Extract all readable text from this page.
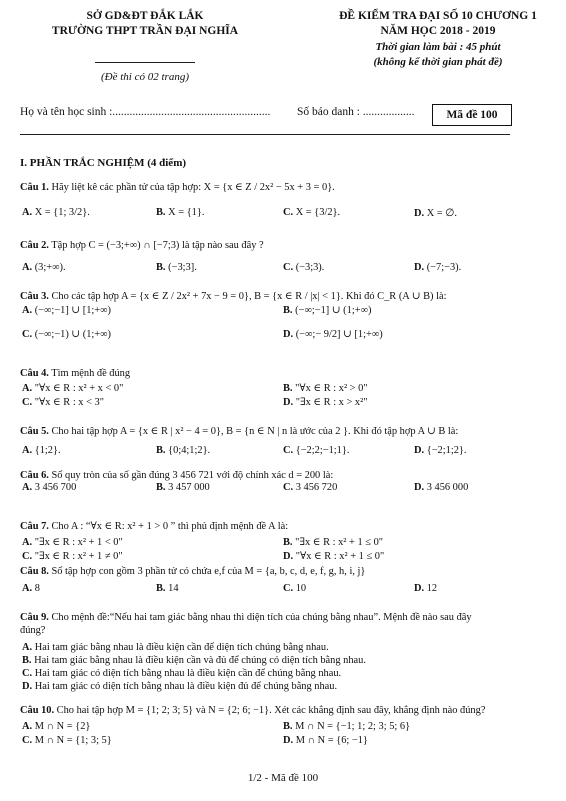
SỞ GD&ĐT ĐẮK LẮK
TRƯỜNG THPT TRẦN ĐẠI NGHĨA
(Đề thi có 02 trang)
ĐỀ KIỂM TRA ĐẠI SỐ 10 CHƯƠNG 1
NĂM HỌC 2018 - 2019
Thời gian làm bài : 45 phút
(không kể thời gian phát đề)
Họ và tên học sinh :....................................................... Số báo danh : ..................	Mã đề 100
I. PHẦN TRẮC NGHIỆM (4 điểm)
Câu 1. Hãy liệt kê các phần tử của tập hợp: X = {x ∈ Z / 2x² − 5x + 3 = 0}.
A. X = {1; 3/2}.	B. X = {1}.	C. X = {3/2}.	D. X = ∅.
Câu 2. Tập hợp C = (−3;+∞) ∩ [−7;3) là tập nào sau đây ?
A. (3;+∞).	B. (−3;3].	C. (−3;3).	D. (−7;−3).
Câu 3. Cho các tập hợp A = {x ∈ Z / 2x² + 7x − 9 = 0}, B = {x ∈ R / |x| < 1}. Khi đó C_R (A ∪ B) là:
A. (−∞;−1] ∪ [1;+∞)	B. (−∞;−1] ∪ (1;+∞)
C. (−∞;−1) ∪ (1;+∞)	D. (−∞;− 9/2] ∪ [1;+∞)
Câu 4. Tìm mệnh đề đúng
A. "∀x ∈ R : x² + x < 0"	B. "∀x ∈ R : x² > 0"
C. "∀x ∈ R : x < 3"	D. "∃x ∈ R : x > x²"
Câu 5. Cho hai tập hợp A = {x ∈ R | x² − 4 = 0}, B = {n ∈ N | n là ước của 2 }. Khi đó tập hợp A ∪ B là:
A. {1;2}.	B. {0;4;1;2}.	C. {−2;2;−1;1}.	D. {−2;1;2}.
Câu 6. Số quy tròn của số gần đúng 3 456 721 với độ chính xác d = 200 là:
A. 3 456 700	B. 3 457 000	C. 3 456 720	D. 3 456 000
Câu 7. Cho A : “∀x ∈ R: x² + 1 > 0 ” thì phủ định mệnh đề A là:
A. "∃x ∈ R : x² + 1 < 0"	B. "∃x ∈ R : x² + 1 ≤ 0"
C. "∃x ∈ R : x² + 1 ≠ 0"	D. "∀x ∈ R : x² + 1 ≤ 0"
Câu 8. Số tập hợp con gồm 3 phần tử có chứa e,f của M = {a, b, c, d, e, f, g, h, i, j}
A. 8	B. 14	C. 10	D. 12
Câu 9. Cho mệnh đề:“Nếu hai tam giác bằng nhau thì diện tích của chúng bằng nhau”. Mệnh đề nào sau đây
đúng?
A. Hai tam giác bằng nhau là điều kiện cần để diện tích chúng bằng nhau.
B. Hai tam giác bằng nhau là điều kiện cần và đủ để chúng có diện tích bằng nhau.
C. Hai tam giác có diện tích bằng nhau là điều kiện cần để chúng bằng nhau.
D. Hai tam giác có diện tích bằng nhau là điều kiện đủ để chúng bằng nhau.
Câu 10. Cho hai tập hợp M = {1; 2; 3; 5} và N = {2; 6; −1}. Xét các khẳng định sau đây, khẳng định nào đúng?
A. M ∩ N = {2}	B. M ∩ N = {−1; 1; 2; 3; 5; 6}
C. M ∩ N = {1; 3; 5}	D. M ∩ N = {6; −1}
1/2 - Mã đề 100
